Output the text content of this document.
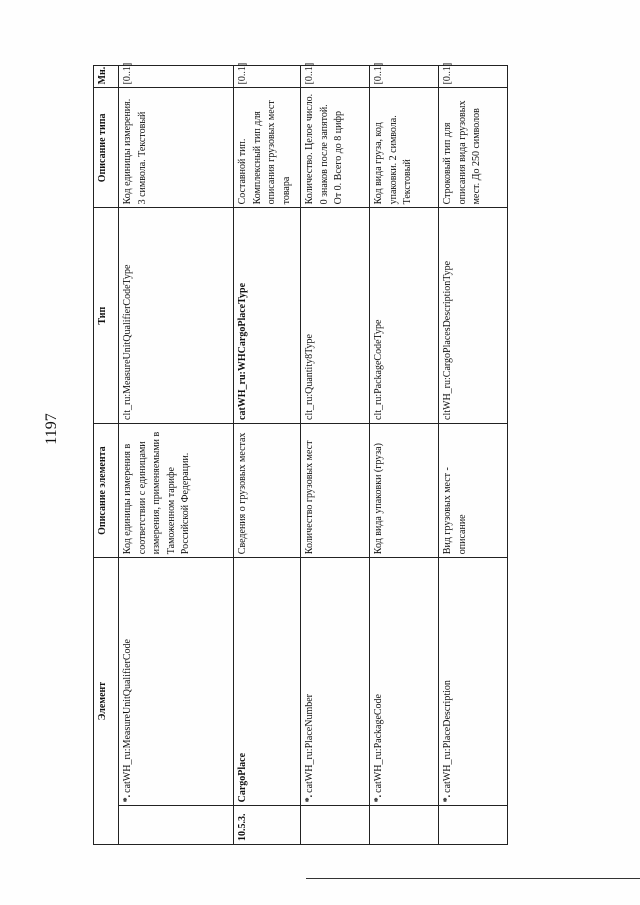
1197
Элемент		Описание элемента	Тип	Описание типа	Мн.
	*.catWH_ru:MeasureUnitQualifierCode	Код единицы измерения в соответствии с единицами измерения, применяемыми в Таможенном тарифе Российской Федерации.	clt_ru:MeasureUnitQualifierCodeType	Код единицы измерения. 3 символа. Текстовый	[0..1]
10.5.3.	CargoPlace	Сведения о грузовых местах	catWH_ru:WHCargoPlaceType	Составной тип. Комплексный тип для описания грузовых мест товара	[0..1]
	*.catWH_ru:PlaceNumber	Количество грузовых мест	clt_ru:Quantity8Type	Количество. Целое число. 0 знаков после запятой. От 0. Всего до 8 цифр	[0..1]
	*.catWH_ru:PackageCode	Код вида упаковки (груза)	clt_ru:PackageCodeType	Код вида груза, код упаковки. 2 символа. Текстовый	[0..1]
	*.catWH_ru:PlaceDescription	Вид грузовых мест - описание	cltWH_ru:CargoPlacesDescriptionType	Строковый тип для описания вида грузовых мест. До 250 символов	[0..1]
